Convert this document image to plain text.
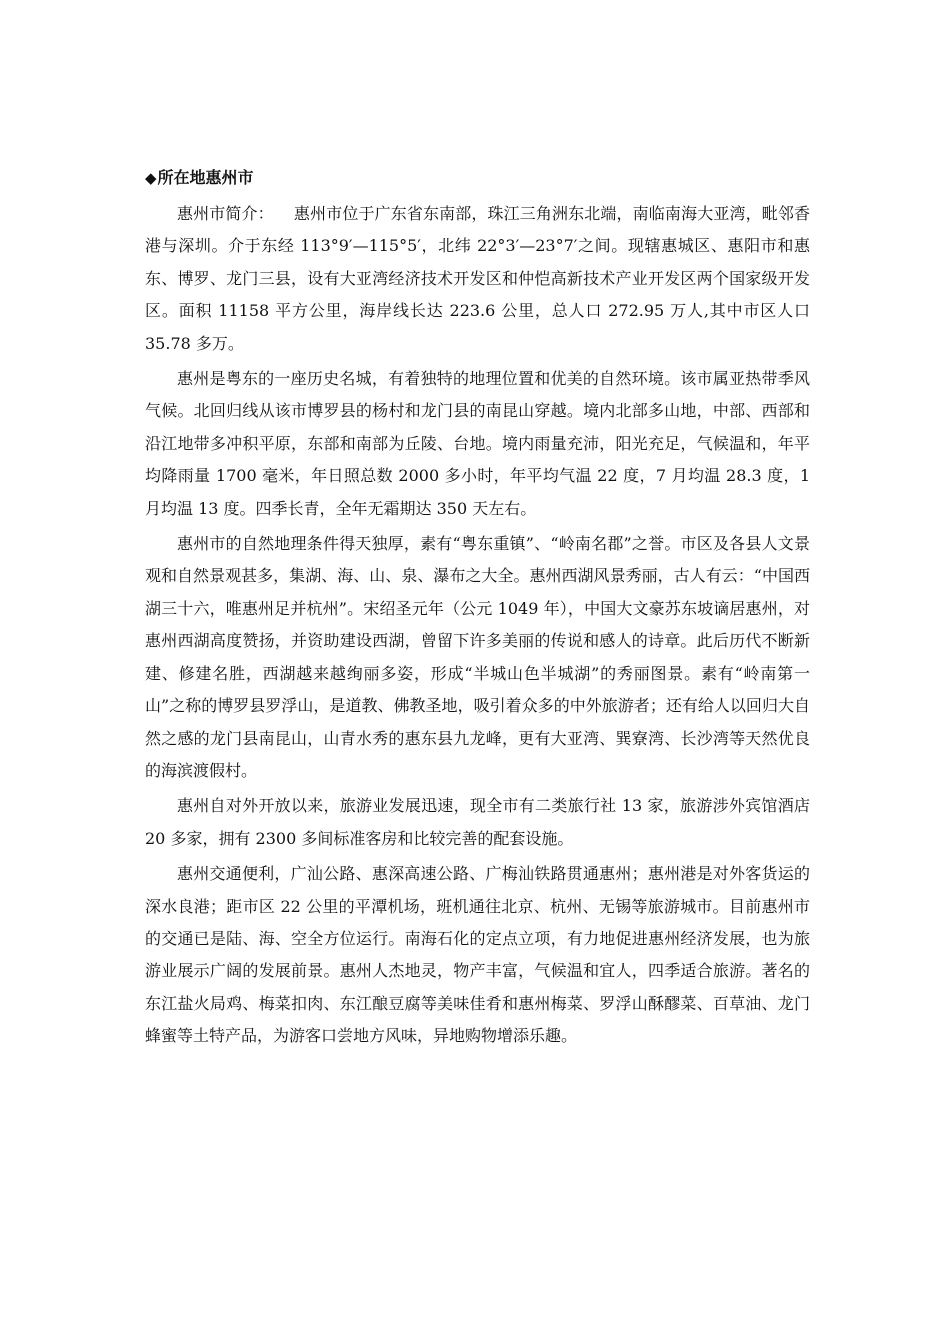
◆所在地惠州市

惠州市简介： 惠州市位于广东省东南部，珠江三角洲东北端，南临南海大亚湾，毗邻香港与深圳。介于东经 113°9′—115°5′，北纬 22°3′—23°7′之间。现辖惠城区、惠阳市和惠东、博罗、龙门三县，设有大亚湾经济技术开发区和仲恺高新技术产业开发区两个国家级开发区。面积 11158 平方公里，海岸线长达 223.6 公里，总人口 272.95 万人,其中市区人口 35.78 多万。

惠州是粤东的一座历史名城，有着独特的地理位置和优美的自然环境。该市属亚热带季风气候。北回归线从该市博罗县的杨村和龙门县的南昆山穿越。境内北部多山地，中部、西部和沿江地带多冲积平原，东部和南部为丘陵、台地。境内雨量充沛，阳光充足，气候温和，年平均降雨量 1700 毫米，年日照总数 2000 多小时，年平均气温 22 度，7 月均温 28.3 度，1 月均温 13 度。四季长青，全年无霜期达 350 天左右。

惠州市的自然地理条件得天独厚，素有“粤东重镇”、“岭南名郡”之誉。市区及各县人文景观和自然景观甚多，集湖、海、山、泉、瀑布之大全。惠州西湖风景秀丽，古人有云：“中国西湖三十六，唯惠州足并杭州”。宋绍圣元年（公元 1049 年），中国大文豪苏东坡谪居惠州，对惠州西湖高度赞扬，并资助建设西湖，曾留下许多美丽的传说和感人的诗章。此后历代不断新建、修建名胜，西湖越来越绚丽多姿，形成“半城山色半城湖”的秀丽图景。素有“岭南第一山”之称的博罗县罗浮山，是道教、佛教圣地，吸引着众多的中外旅游者；还有给人以回归大自然之感的龙门县南昆山，山青水秀的惠东县九龙峰，更有大亚湾、巽寮湾、长沙湾等天然优良的海滨渡假村。

惠州自对外开放以来，旅游业发展迅速，现全市有二类旅行社 13 家，旅游涉外宾馆酒店 20 多家，拥有 2300 多间标准客房和比较完善的配套设施。

惠州交通便利，广汕公路、惠深高速公路、广梅汕铁路贯通惠州；惠州港是对外客货运的深水良港；距市区 22 公里的平潭机场，班机通往北京、杭州、无锡等旅游城市。目前惠州市的交通已是陆、海、空全方位运行。南海石化的定点立项，有力地促进惠州经济发展，也为旅游业展示广阔的发展前景。惠州人杰地灵，物产丰富，气候温和宜人，四季适合旅游。著名的东江盐火局鸡、梅菜扣肉、东江酿豆腐等美味佳肴和惠州梅菜、罗浮山酥醪菜、百草油、龙门蜂蜜等土特产品，为游客口尝地方风味，异地购物增添乐趣。
